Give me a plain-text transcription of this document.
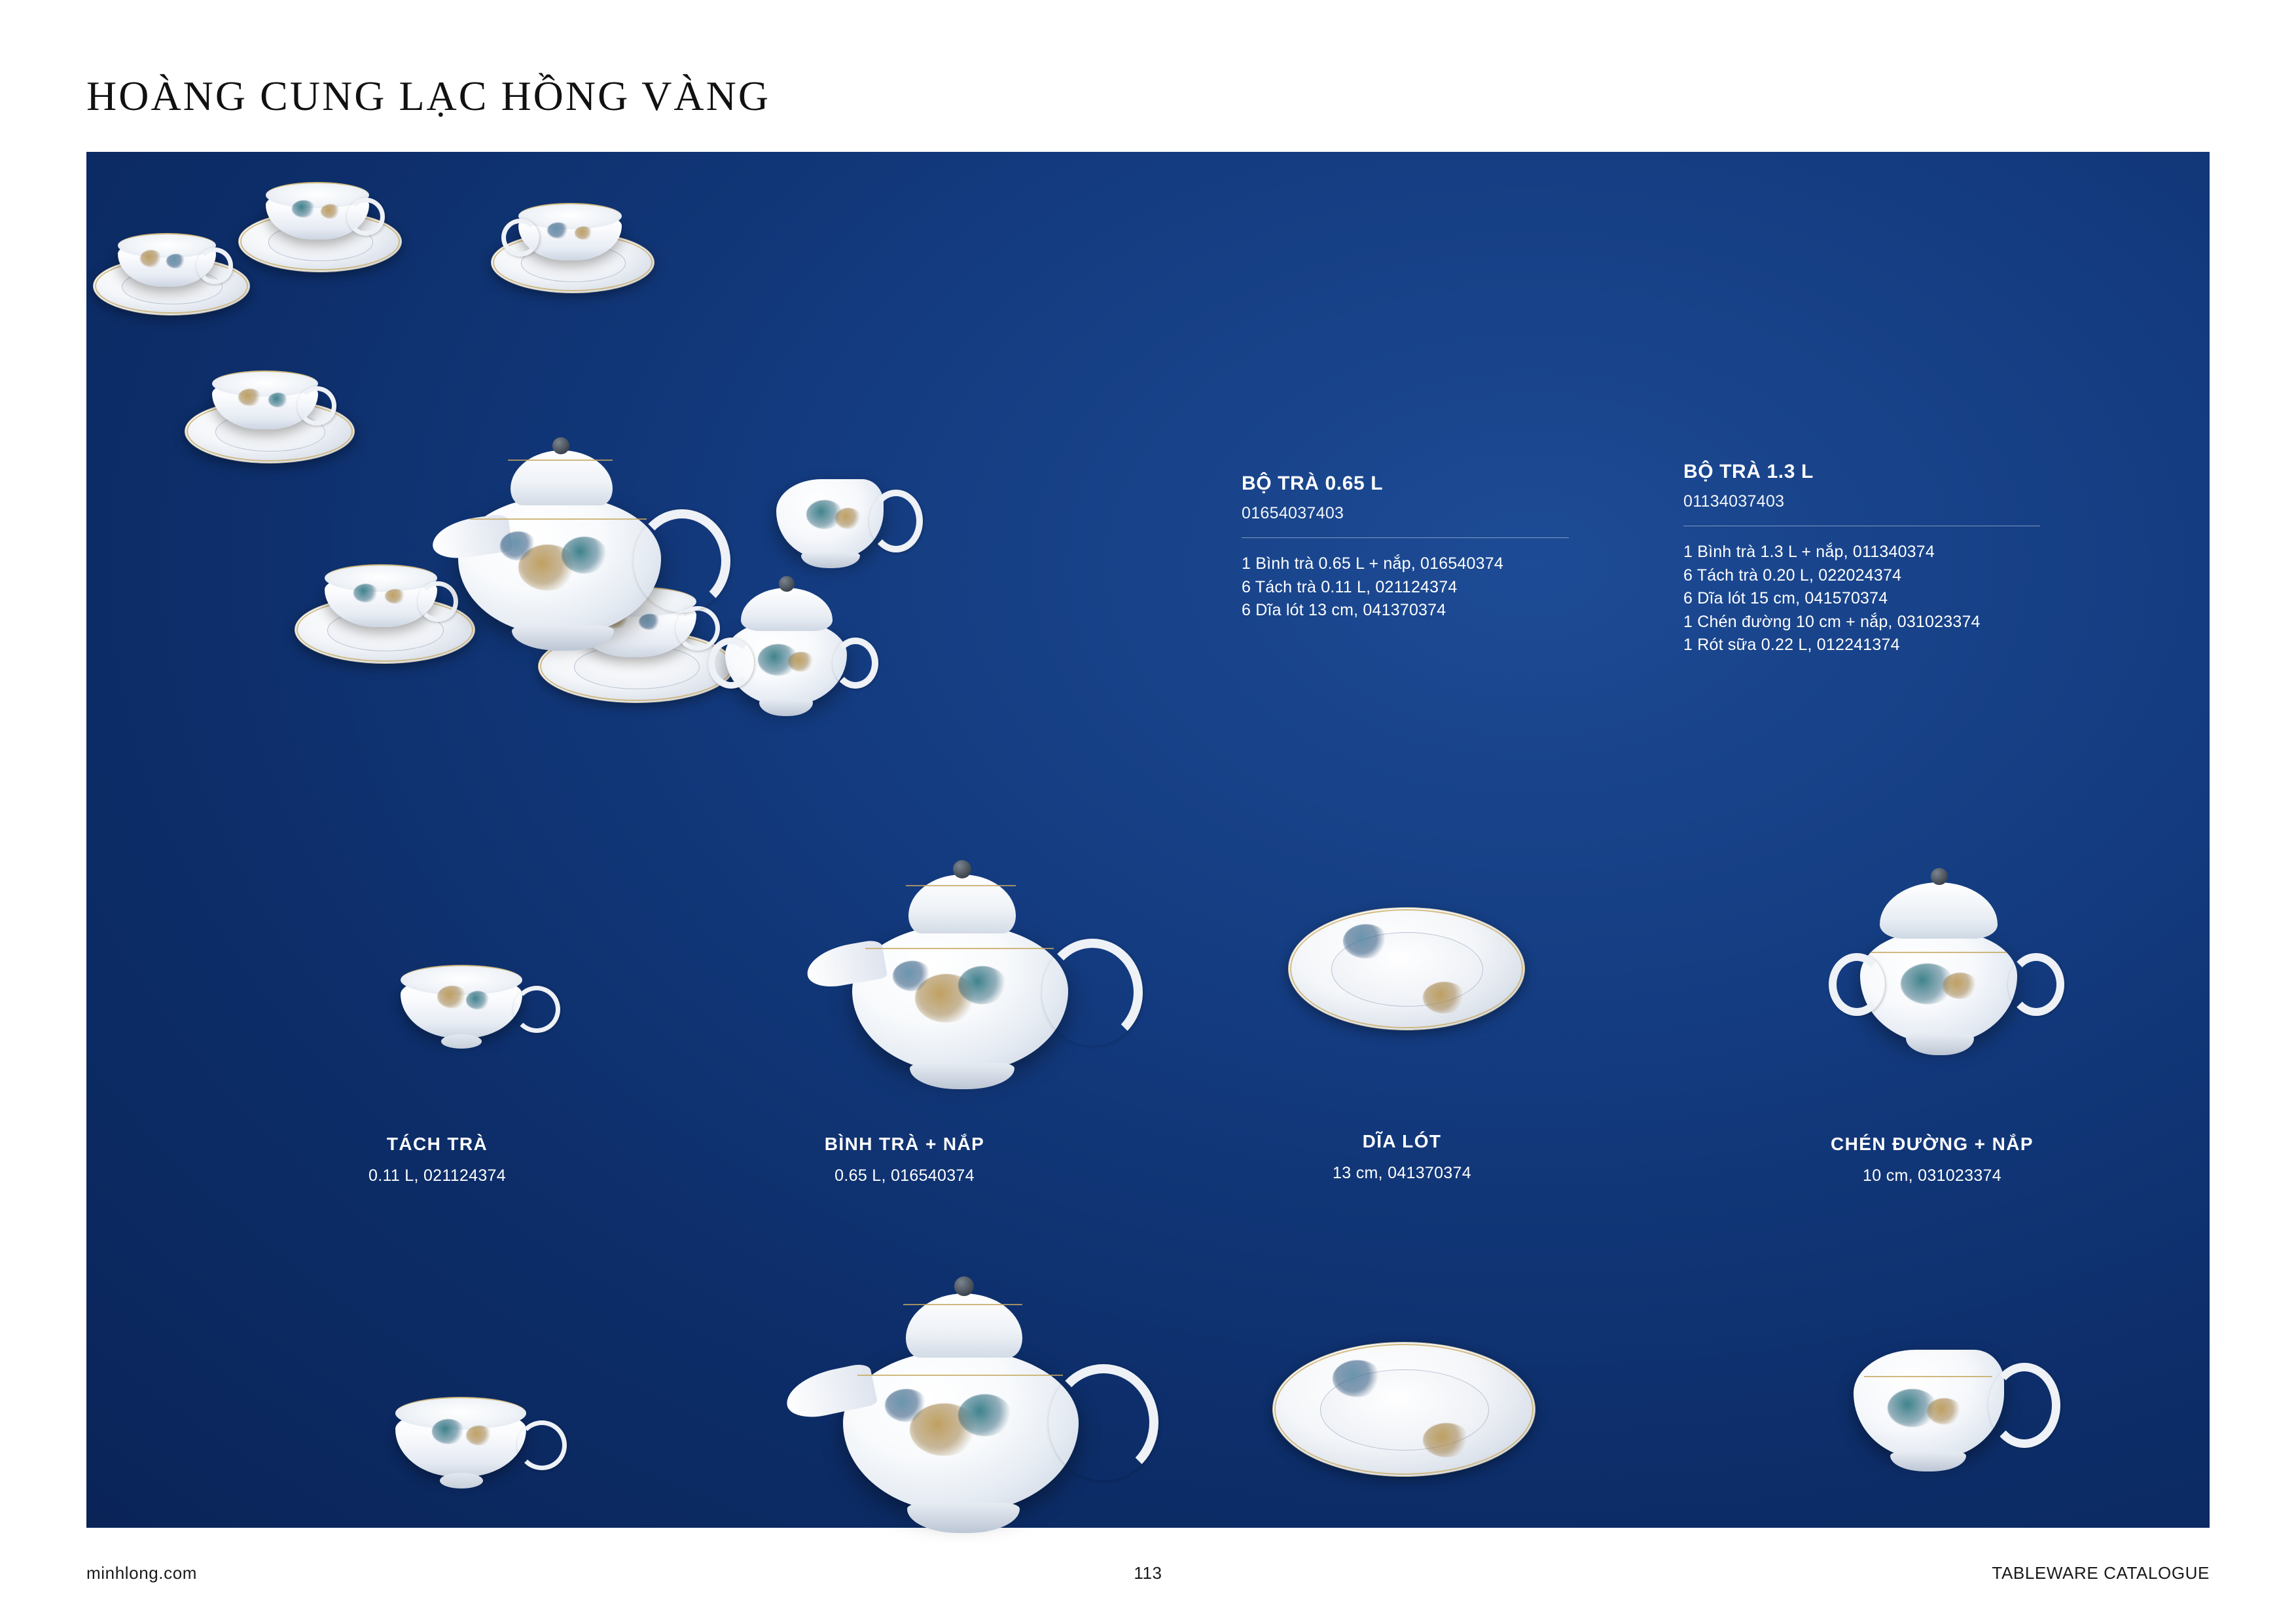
HOÀNG CUNG LẠC HỒNG VÀNG
BỘ TRÀ 0.65 L
01654037403
1 Bình trà 0.65 L + nắp, 016540374
6 Tách trà 0.11 L, 021124374
6 Dĩa lót 13 cm, 041370374
BỘ TRÀ 1.3 L
01134037403
1 Bình trà 1.3 L + nắp, 011340374
6 Tách trà 0.20 L, 022024374
6 Dĩa lót 15 cm, 041570374
1 Chén đường 10 cm + nắp, 031023374
1 Rót sữa 0.22 L, 012241374
TÁCH TRÀ
0.11 L, 021124374
BÌNH TRÀ + NẮP
0.65 L, 016540374
DĨA LÓT
13 cm, 041370374
CHÉN ĐƯỜNG + NẮP
10 cm, 031023374
TÁCH TRÀ
0.20 L, 022024374
BÌNH TRÀ + NẮP
1.3 L, 011340374
DĨA LÓT
15 cm, 041570374
RÓT SỮA
0.22 L, 012241374
minhlong.com	113	TABLEWARE CATALOGUE
